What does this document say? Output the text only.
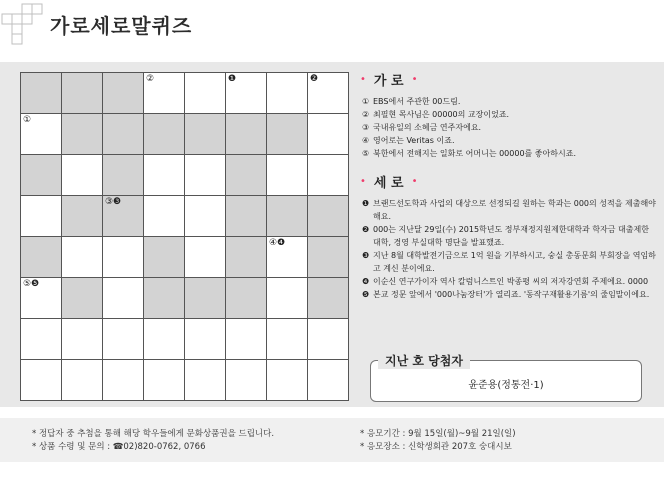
가로세로말퀴즈
②	❶	❷
①
③❸
④❹
⑤❺
• 가 로 •
① EBS에서 주관한 00드림.
② 최필현 목사님은 00000의 교장이었죠.
③ 국내유일의 소혜금 연주자에요.
④ 영어로는 Veritas 이죠.
⑤ 북한에서 전해지는 일화로 어머니는 00000를 좋아하시죠.
• 세 로 •
❶ 브랜드선도학과 사업의 대상으로 선정되길 원하는 학과는 000의 성적을 제출해야 해요.
❷ 000는 지난달 29일(수) 2015학년도 정부재정지원제한대학과 학자금 대출제한대학, 경영 부실대학 명단을 발표했죠.
❸ 지난 8월 대학발전기금으로 1억 원을 기부하시고, 숭실 총동문회 부회장을 역임하고 계신 분이에요.
❹ 이순신 연구가이자 역사 칼럼니스트인 박종평 씨의 저자강연회 주제에요. 0000
❺ 본교 정문 앞에서 '000나눔장터'가 열리죠. '동작구재활용기름'의 줄임말이에요.
지난 호 당첨자
윤준용(정통전·1)
* 정답자 중 추첨을 통해 해당 학우들에게 문화상품권을 드립니다.
* 상품 수령 및 문의 : ☎02)820-0762, 0766
* 응모기간 : 9월 15일(월)~9월 21일(일)
* 응모장소 : 신학생회관 207호 숭대시보
